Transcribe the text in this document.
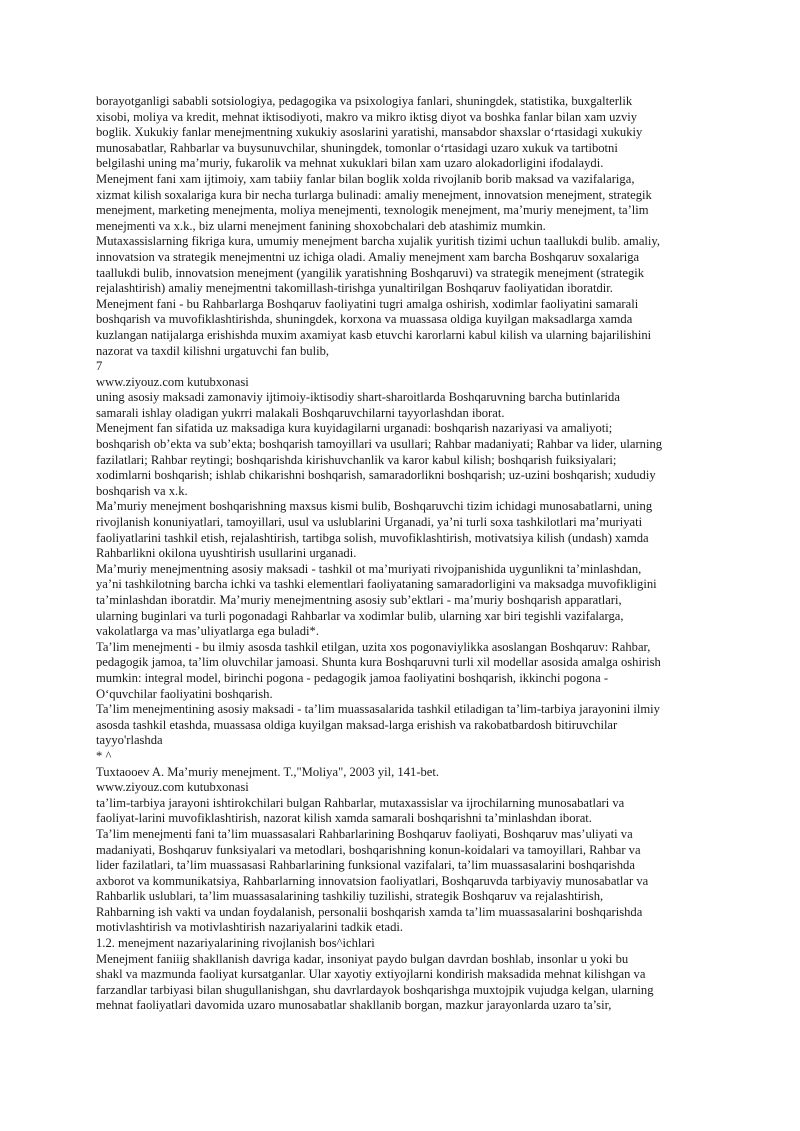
borayotganligi sababli sotsiologiya, pedagogika va psixologiya fanlari, shuningdek, statistika, buxgalterlik
xisobi, moliya va kredit, mehnat iktisodiyoti, makro va mikro iktisg diyot va boshka fanlar bilan xam uzviy
boglik. Xukukiy fanlar menejmentning xukukiy asoslarini yaratishi, mansabdor shaxslar o‘rtasidagi xukukiy
munosabatlar, Rahbarlar va buysunuvchilar, shuningdek, tomonlar o‘rtasidagi uzaro xukuk va tartibotni
belgilashi uning ma’muriy, fukarolik va mehnat xukuklari bilan xam uzaro alokadorligini ifodalaydi.
Menejment fani xam ijtimoiy, xam tabiiy fanlar bilan boglik xolda rivojlanib borib maksad va vazifalariga,
xizmat kilish soxalariga kura bir necha turlarga bulinadi: amaliy menejment, innovatsion menejment, strategik
menejment, marketing menejmenta, moliya menejmenti, texnologik menejment, ma’muriy menejment, ta’lim
menejmenti va x.k., biz ularni menejment fanining shoxobchalari deb atashimiz mumkin.
Mutaxassislarning fikriga kura, umumiy menejment barcha xujalik yuritish tizimi uchun taallukdi bulib. amaliy,
innovatsion va strategik menejmentni uz ichiga oladi. Amaliy menejment xam barcha Boshqaruv soxalariga
taallukdi bulib, innovatsion menejment (yangilik yaratishning Boshqaruvi) va strategik menejment (strategik
rejalashtirish) amaliy menejmentni takomillash-tirishga yunaltirilgan Boshqaruv faoliyatidan iboratdir.
Menejment fani - bu Rahbarlarga Boshqaruv faoliyatini tugri amalga oshirish, xodimlar faoliyatini samarali
boshqarish va muvofiklashtirishda, shuningdek, korxona va muassasa oldiga kuyilgan maksadlarga xamda
kuzlangan natijalarga erishishda muxim axamiyat kasb etuvchi karorlarni kabul kilish va ularning bajarilishini
nazorat va taxdil kilishni urgatuvchi fan bulib,
7
www.ziyouz.com kutubxonasi
uning asosiy maksadi zamonaviy ijtimoiy-iktisodiy shart-sharoitlarda Boshqaruvning barcha butinlarida
samarali ishlay oladigan yukrri malakali Boshqaruvchilarni tayyorlashdan iborat.
Menejment fan sifatida uz maksadiga kura kuyidagilarni urganadi: boshqarish nazariyasi va amaliyoti;
boshqarish ob’ekta va sub’ekta; boshqarish tamoyillari va usullari; Rahbar madaniyati; Rahbar va lider, ularning
fazilatlari; Rahbar reytingi; boshqarishda kirishuvchanlik va karor kabul kilish; boshqarish fuiksiyalari;
xodimlarni boshqarish; ishlab chikarishni boshqarish, samaradorlikni boshqarish; uz-uzini boshqarish; xududiy
boshqarish va x.k.
Ma’muriy menejment boshqarishning maxsus kismi bulib, Boshqaruvchi tizim ichidagi munosabatlarni, uning
rivojlanish konuniyatlari, tamoyillari, usul va uslublarini Urganadi, ya’ni turli soxa tashkilotlari ma’muriyati
faoliyatlarini tashkil etish, rejalashtirish, tartibga solish, muvofiklashtirish, motivatsiya kilish (undash) xamda
Rahbarlikni okilona uyushtirish usullarini urganadi.
Ma’muriy menejmentning asosiy maksadi - tashkil ot ma’muriyati rivojpanishida uygunlikni ta’minlashdan,
ya’ni tashkilotning barcha ichki va tashki elementlari faoliyataning samaradorligini va maksadga muvofikligini
ta’minlashdan iboratdir. Ma’muriy menejmentning asosiy sub’ektlari - ma’muriy boshqarish apparatlari,
ularning buginlari va turli pogonadagi Rahbarlar va xodimlar bulib, ularning xar biri tegishli vazifalarga,
vakolatlarga va mas’uliyatlarga ega buladi*.
Ta’lim menejmenti - bu ilmiy asosda tashkil etilgan, uzita xos pogonaviylikka asoslangan Boshqaruv: Rahbar,
pedagogik jamoa, ta’lim oluvchilar jamoasi. Shunta kura Boshqaruvni turli xil modellar asosida amalga oshirish
mumkin: integral model, birinchi pogona - pedagogik jamoa faoliyatini boshqarish, ikkinchi pogona -
O‘quvchilar faoliyatini boshqarish.
Ta’lim menejmentining asosiy maksadi - ta’lim muassasalarida tashkil etiladigan ta’lim-tarbiya jarayonini ilmiy
asosda tashkil etashda, muassasa oldiga kuyilgan maksad-larga erishish va rakobatbardosh bitiruvchilar
tayyo'rlashda
* ^
Tuxtaooev A. Ma’muriy menejment. T.,"Moliya", 2003 yil, 141-bet.
www.ziyouz.com kutubxonasi
ta’lim-tarbiya jarayoni ishtirokchilari bulgan Rahbarlar, mutaxassislar va ijrochilarning munosabatlari va
faoliyat-larini muvofiklashtirish, nazorat kilish xamda samarali boshqarishni ta’minlashdan iborat.
Ta’lim menejmenti fani ta’lim muassasalari Rahbarlarining Boshqaruv faoliyati, Boshqaruv mas’uliyati va
madaniyati, Boshqaruv funksiyalari va metodlari, boshqarishning konun-koidalari va tamoyillari, Rahbar va
lider fazilatlari, ta’lim muassasasi Rahbarlarining funksional vazifalari, ta’lim muassasalarini boshqarishda
axborot va kommunikatsiya, Rahbarlarning innovatsion faoliyatlari, Boshqaruvda tarbiyaviy munosabatlar va
Rahbarlik uslublari, ta’lim muassasalarining tashkiliy tuzilishi, strategik Boshqaruv va rejalashtirish,
Rahbarning ish vakti va undan foydalanish, personalii boshqarish xamda ta’lim muassasalarini boshqarishda
motivlashtirish va motivlashtirish nazariyalarini tadkik etadi.
1.2. menejment nazariyalarining rivojlanish bos^ichlari
Menejment faniiig shakllanish davriga kadar, insoniyat paydo bulgan davrdan boshlab, insonlar u yoki bu
shakl va mazmunda faoliyat kursatganlar. Ular xayotiy extiyojlarni kondirish maksadida mehnat kilishgan va
farzandlar tarbiyasi bilan shugullanishgan, shu davrlardayok boshqarishga muxtojpik vujudga kelgan, ularning
mehnat faoliyatlari davomida uzaro munosabatlar shakllanib borgan, mazkur jarayonlarda uzaro ta’sir,
